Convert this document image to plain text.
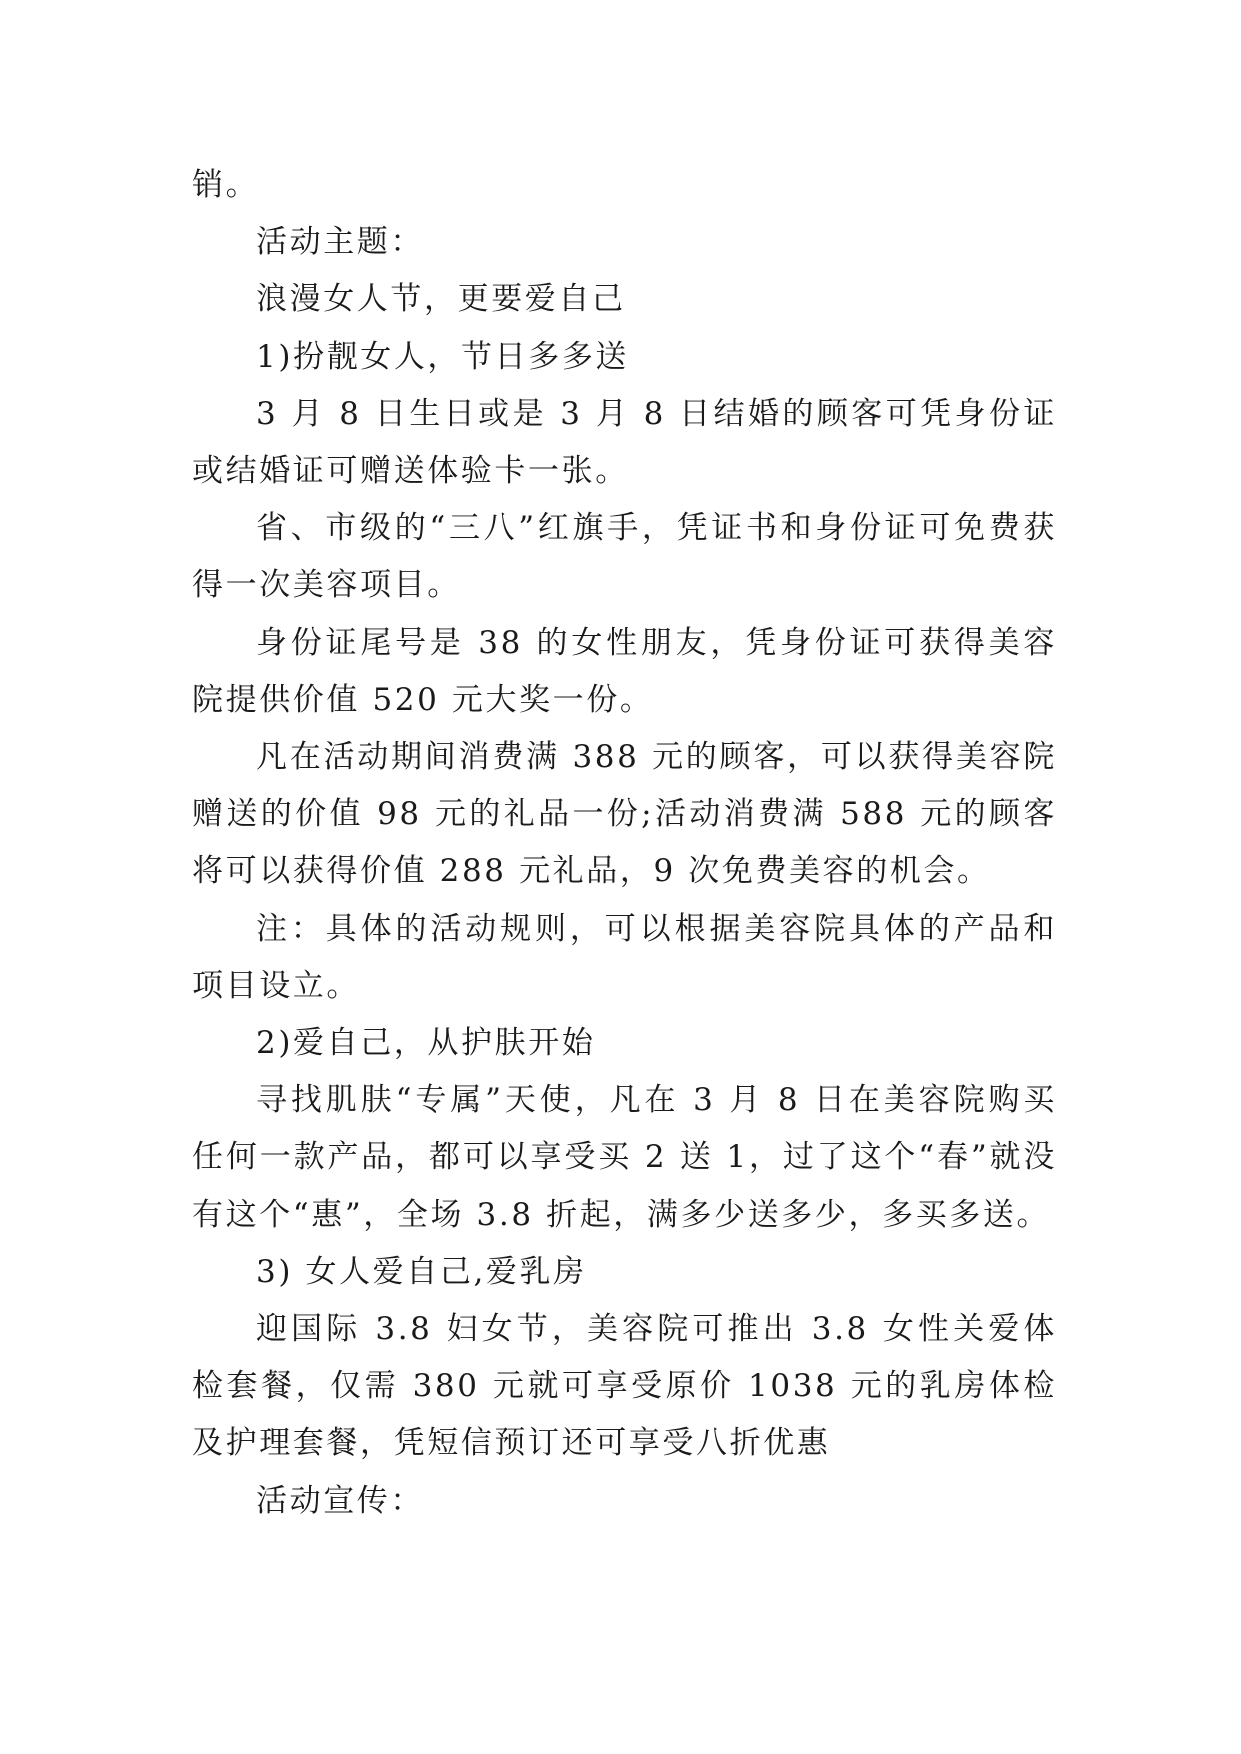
销。

活动主题：

浪漫女人节，更要爱自己

1)扮靓女人，节日多多送

3 月 8 日生日或是 3 月 8 日结婚的顾客可凭身份证或结婚证可赠送体验卡一张。

省、市级的“三八”红旗手，凭证书和身份证可免费获得一次美容项目。

身份证尾号是 38 的女性朋友，凭身份证可获得美容院提供价值 520 元大奖一份。

凡在活动期间消费满 388 元的顾客，可以获得美容院赠送的价值 98 元的礼品一份;活动消费满 588 元的顾客将可以获得价值 288 元礼品，9 次免费美容的机会。

注：具体的活动规则，可以根据美容院具体的产品和项目设立。

2)爱自己，从护肤开始

寻找肌肤“专属”天使，凡在 3 月 8 日在美容院购买任何一款产品，都可以享受买 2 送 1，过了这个“春”就没有这个“惠”，全场 3.8 折起，满多少送多少，多买多送。

3) 女人爱自己,爱乳房

迎国际 3.8 妇女节，美容院可推出 3.8 女性关爱体检套餐，仅需 380 元就可享受原价 1038 元的乳房体检及护理套餐，凭短信预订还可享受八折优惠

活动宣传：
